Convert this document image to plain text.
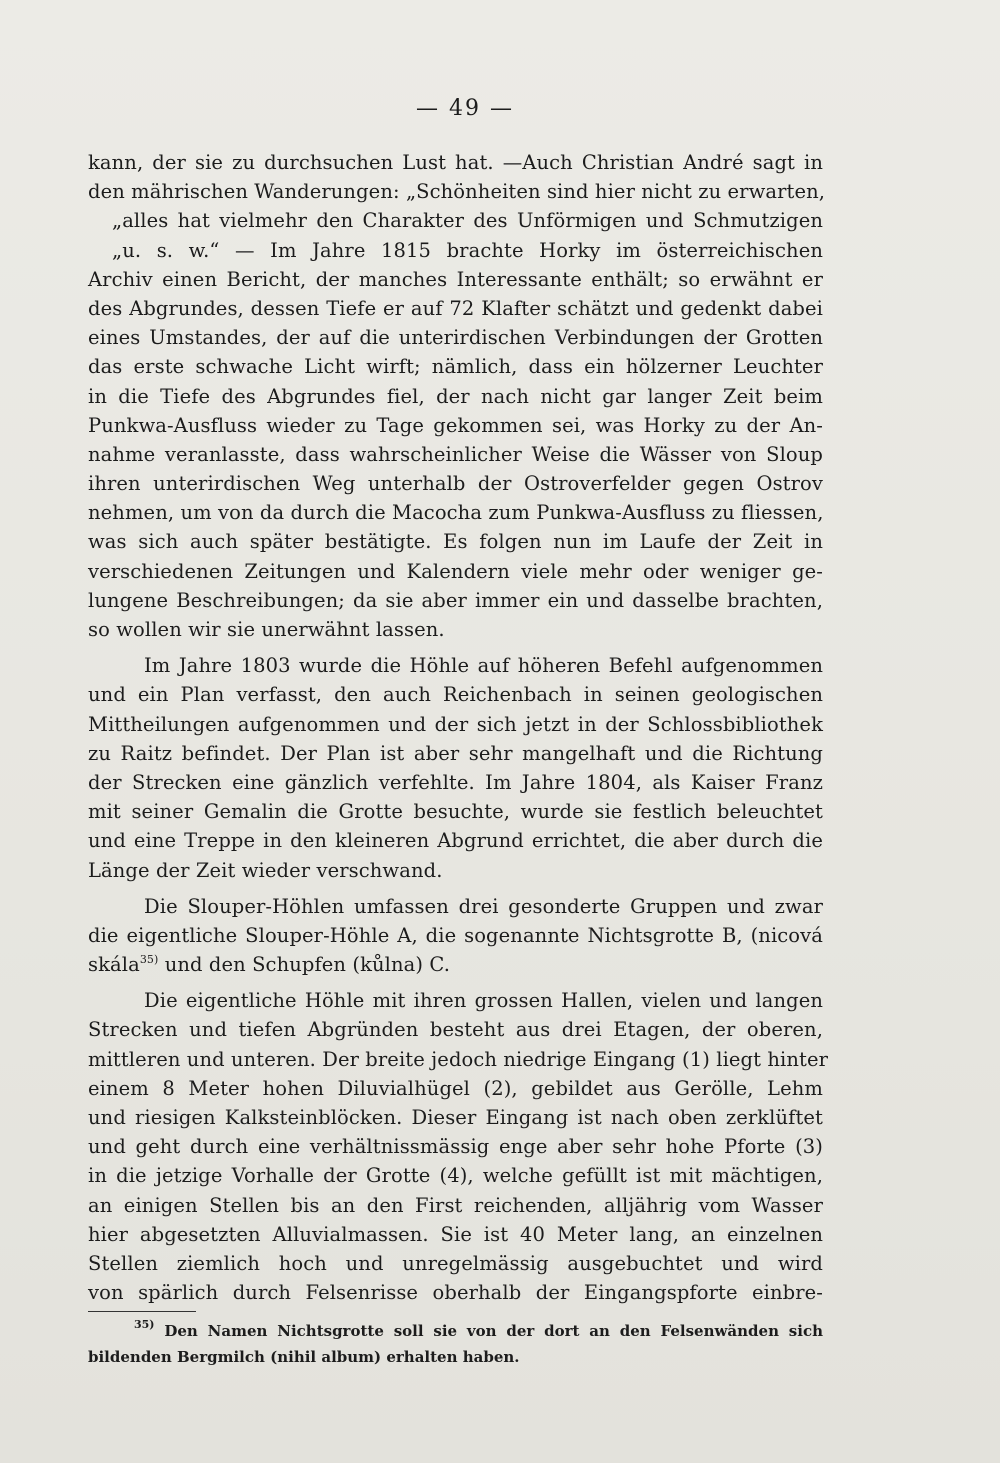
— 49 —
kann, der sie zu durchsuchen Lust hat. —Auch Christian André sagt in
den mährischen Wanderungen: „Schönheiten sind hier nicht zu erwarten,
„alles hat vielmehr den Charakter des Unförmigen und Schmutzigen
„u. s. w.“ — Im Jahre 1815 brachte Horky im österreichischen
Archiv einen Bericht, der manches Interessante enthält; so erwähnt er
des Abgrundes, dessen Tiefe er auf 72 Klafter schätzt und gedenkt dabei
eines Umstandes, der auf die unterirdischen Verbindungen der Grotten
das erste schwache Licht wirft; nämlich, dass ein hölzerner Leuchter
in die Tiefe des Abgrundes fiel, der nach nicht gar langer Zeit beim
Punkwa-Ausfluss wieder zu Tage gekommen sei, was Horky zu der An-
nahme veranlasste, dass wahrscheinlicher Weise die Wässer von Sloup
ihren unterirdischen Weg unterhalb der Ostroverfelder gegen Ostrov
nehmen, um von da durch die Macocha zum Punkwa-Ausfluss zu fliessen,
was sich auch später bestätigte. Es folgen nun im Laufe der Zeit in
verschiedenen Zeitungen und Kalendern viele mehr oder weniger ge-
lungene Beschreibungen; da sie aber immer ein und dasselbe brachten,
so wollen wir sie unerwähnt lassen.
Im Jahre 1803 wurde die Höhle auf höheren Befehl aufgenommen
und ein Plan verfasst, den auch Reichenbach in seinen geologischen
Mittheilungen aufgenommen und der sich jetzt in der Schlossbibliothek
zu Raitz befindet. Der Plan ist aber sehr mangelhaft und die Richtung
der Strecken eine gänzlich verfehlte. Im Jahre 1804, als Kaiser Franz
mit seiner Gemalin die Grotte besuchte, wurde sie festlich beleuchtet
und eine Treppe in den kleineren Abgrund errichtet, die aber durch die
Länge der Zeit wieder verschwand.
Die Slouper-Höhlen umfassen drei gesonderte Gruppen und zwar
die eigentliche Slouper-Höhle A, die sogenannte Nichtsgrotte B, (nicová
skála$^{35)}$ und den Schupfen (kůlna) C.
Die eigentliche Höhle mit ihren grossen Hallen, vielen und langen
Strecken und tiefen Abgründen besteht aus drei Etagen, der oberen,
mittleren und unteren. Der breite jedoch niedrige Eingang (1) liegt hinter
einem 8 Meter hohen Diluvialhügel (2), gebildet aus Gerölle, Lehm
und riesigen Kalksteinblöcken. Dieser Eingang ist nach oben zerklüftet
und geht durch eine verhältnissmässig enge aber sehr hohe Pforte (3)
in die jetzige Vorhalle der Grotte (4), welche gefüllt ist mit mächtigen,
an einigen Stellen bis an den First reichenden, alljährig vom Wasser
hier abgesetzten Alluvialmassen. Sie ist 40 Meter lang, an einzelnen
Stellen ziemlich hoch und unregelmässig ausgebuchtet und wird
von spärlich durch Felsenrisse oberhalb der Eingangspforte einbre-
$^{35)}$ Den Namen Nichtsgrotte soll sie von der dort an den Felsenwänden sich
bildenden Bergmilch (nihil album) erhalten haben.
